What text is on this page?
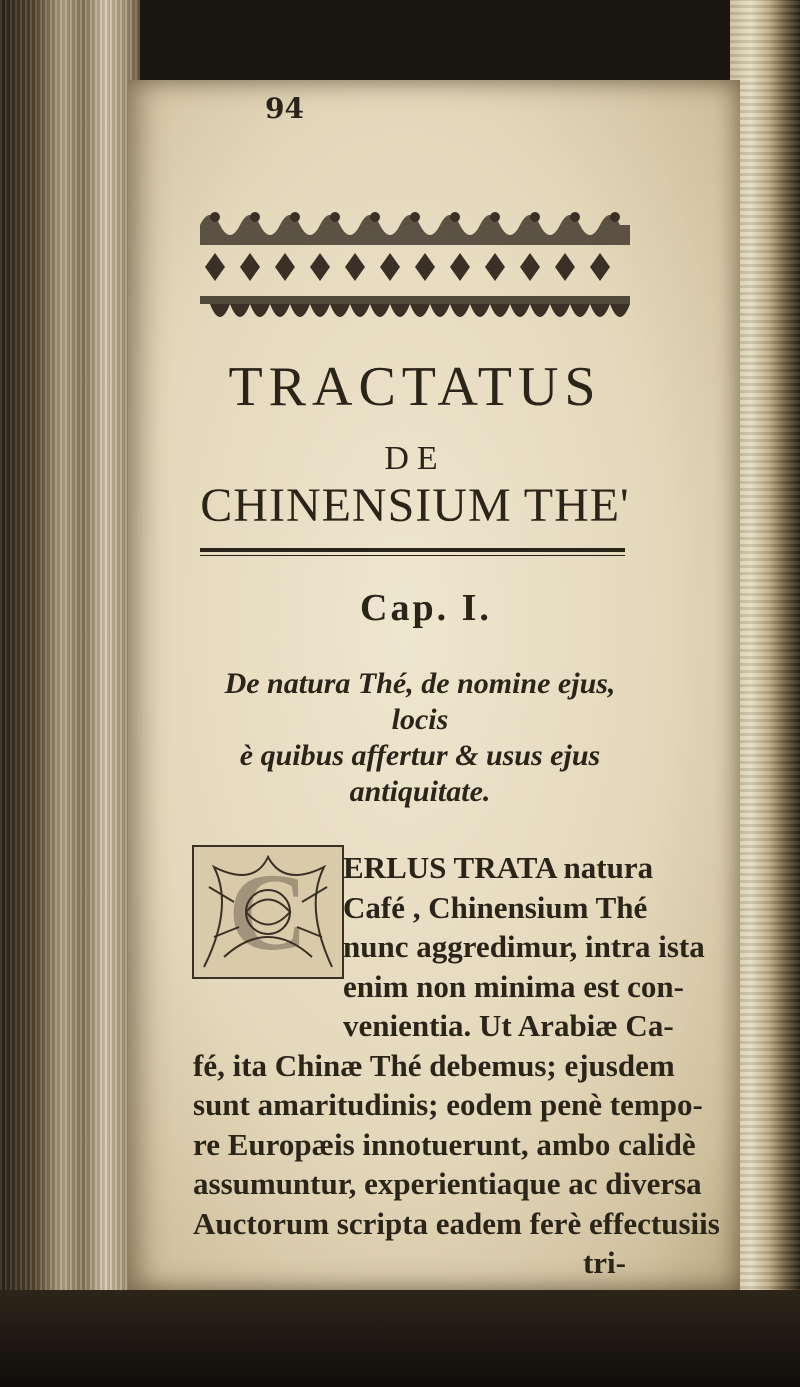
94
TRACTATUS
DE
CHINENSIUM THE'
Cap. I.
De natura Thé, de nomine ejus, locis
è quibus affertur & usus ejus
antiquitate.
C	ERLUS TRATA natura
Café , Chinensium Thé
nunc aggredimur, intra ista
enim non minima est con-
venientia. Ut Arabiæ Ca-
fé, ita Chinæ Thé debemus; ejusdem
sunt amaritudinis; eodem penè tempo-
re Europæis innotuerunt, ambo calidè
assumuntur, experientiaque ac diversa
Auctorum scripta eadem ferè effectusiis
tri-
